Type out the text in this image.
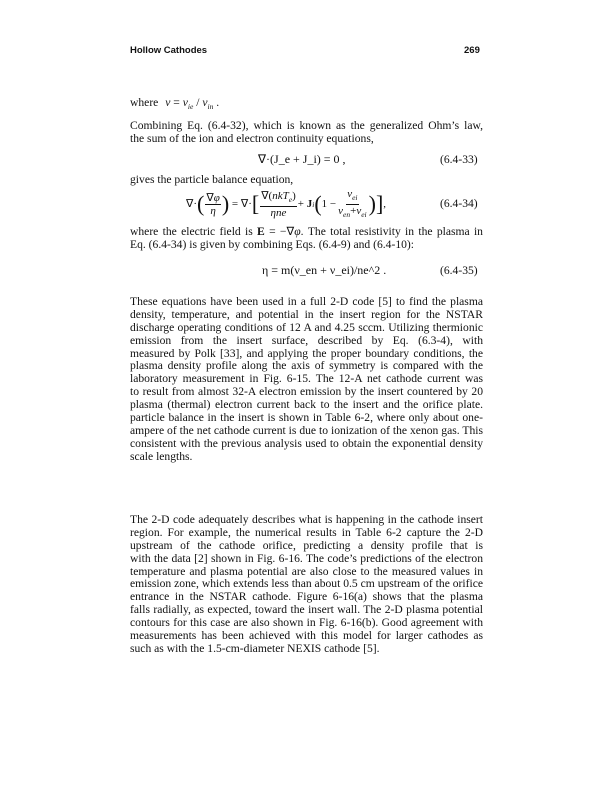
Hollow Cathodes	269
where $\nu = \nu_{ie} / \nu_{in}$ .
Combining Eq. (6.4-32), which is known as the generalized Ohm’s law,
the sum of the ion and electron continuity equations,
∇·(J_e + J_i) = 0 ,	(6.4-33)
gives the particle balance equation,
∇· ( $\frac{\nabla\varphi}{\eta}$ ) = ∇· [ $\frac{\nabla(nkT_e)}{\text{ηne}} + J$ i ( $1 - \frac{\nu_{ei}}{\nu_{en}+\nu_{ei}}$ )] ,	(6.4-34)
where the electric field is E = −∇φ. The total resistivity in the plasma in
Eq. (6.4-34) is given by combining Eqs. (6.4-9) and (6.4-10):
η = m(ν_en + ν_ei)/ne^2 .	(6.4-35)
These equations have been used in a full 2-D code [5] to find the plasma
density, temperature, and potential in the insert region for the NSTAR
discharge operating conditions of 12 A and 4.25 sccm. Utilizing thermionic
emission from the insert surface, described by Eq. (6.3-4), with
measured by Polk [33], and applying the proper boundary conditions, the
plasma density profile along the axis of symmetry is compared with the
laboratory measurement in Fig. 6-15. The 12-A net cathode current was
to result from almost 32-A electron emission by the insert countered by 20
plasma (thermal) electron current back to the insert and the orifice plate.
particle balance in the insert is shown in Table 6-2, where only about one-
ampere of the net cathode current is due to ionization of the xenon gas. This
consistent with the previous analysis used to obtain the exponential density
scale lengths.
The 2-D code adequately describes what is happening in the cathode insert
region. For example, the numerical results in Table 6-2 capture the 2-D
upstream of the cathode orifice, predicting a density profile that is
with the data [2] shown in Fig. 6-16. The code’s predictions of the electron
temperature and plasma potential are also close to the measured values in
emission zone, which extends less than about 0.5 cm upstream of the orifice
entrance in the NSTAR cathode. Figure 6-16(a) shows that the plasma
falls radially, as expected, toward the insert wall. The 2-D plasma potential
contours for this case are also shown in Fig. 6-16(b). Good agreement with
measurements has been achieved with this model for larger cathodes as
such as with the 1.5-cm-diameter NEXIS cathode [5].
